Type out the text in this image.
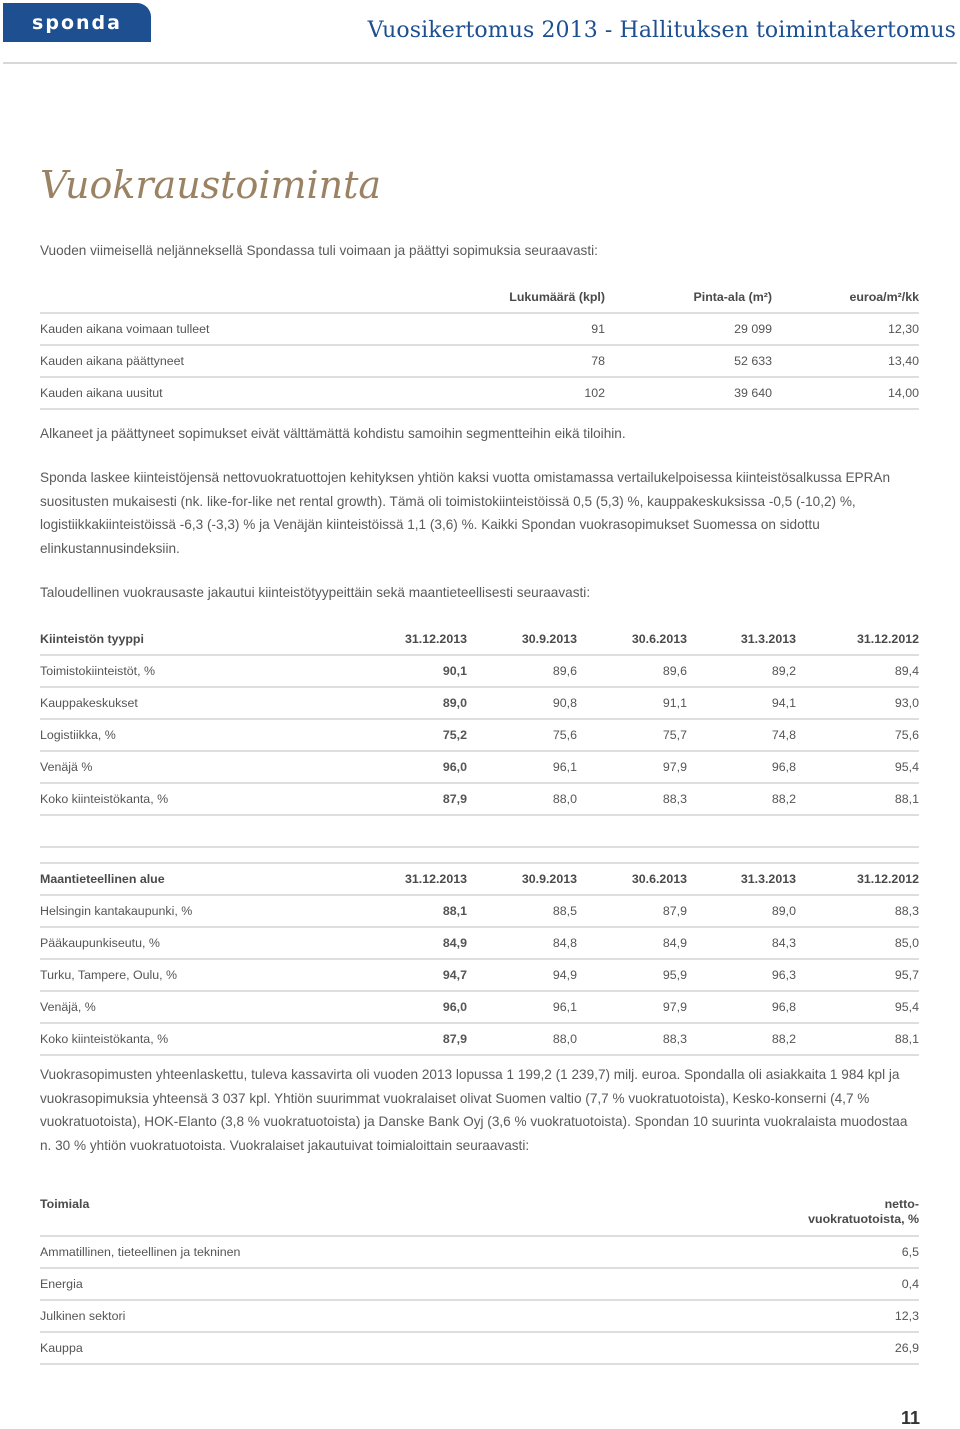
sponda	Vuosikertomus 2013 - Hallituksen toimintakertomus
Vuokraustoiminta

Vuoden viimeisellä neljänneksellä Spondassa tuli voimaan ja päättyi sopimuksia seuraavasti:

	Lukumäärä (kpl)	Pinta-ala (m²)	euroa/m²/kk
Kauden aikana voimaan tulleet	91	29 099	12,30
Kauden aikana päättyneet	78	52 633	13,40
Kauden aikana uusitut	102	39 640	14,00

Alkaneet ja päättyneet sopimukset eivät välttämättä kohdistu samoihin segmentteihin eikä tiloihin.

Sponda laskee kiinteistöjensä nettovuokratuottojen kehityksen yhtiön kaksi vuotta omistamassa vertailukelpoisessa kiinteistösalkussa EPRAn suositusten mukaisesti (nk. like-for-like net rental growth). Tämä oli toimistokiinteistöissä 0,5 (5,3) %, kauppakeskuksissa -0,5 (-10,2) %, logistiikkakiinteistöissä -6,3 (-3,3) % ja Venäjän kiinteistöissä 1,1 (3,6) %. Kaikki Spondan vuokrasopimukset Suomessa on sidottu elinkustannusindeksiin.

Taloudellinen vuokrausaste jakautui kiinteistötyypeittäin sekä maantieteellisesti seuraavasti:

Kiinteistön tyyppi	31.12.2013	30.9.2013	30.6.2013	31.3.2013	31.12.2012
Toimistokiinteistöt, %	90,1	89,6	89,6	89,2	89,4
Kauppakeskukset	89,0	90,8	91,1	94,1	93,0
Logistiikka, %	75,2	75,6	75,7	74,8	75,6
Venäjä %	96,0	96,1	97,9	96,8	95,4
Koko kiinteistökanta, %	87,9	88,0	88,3	88,2	88,1

Maantieteellinen alue	31.12.2013	30.9.2013	30.6.2013	31.3.2013	31.12.2012
Helsingin kantakaupunki, %	88,1	88,5	87,9	89,0	88,3
Pääkaupunkiseutu, %	84,9	84,8	84,9	84,3	85,0
Turku, Tampere, Oulu, %	94,7	94,9	95,9	96,3	95,7
Venäjä, %	96,0	96,1	97,9	96,8	95,4
Koko kiinteistökanta, %	87,9	88,0	88,3	88,2	88,1

Vuokrasopimusten yhteenlaskettu, tuleva kassavirta oli vuoden 2013 lopussa 1 199,2 (1 239,7) milj. euroa. Spondalla oli asiakkaita 1 984 kpl ja vuokrasopimuksia yhteensä 3 037 kpl. Yhtiön suurimmat vuokralaiset olivat Suomen valtio (7,7 % vuokratuotoista), Kesko-konserni (4,7 % vuokratuotoista), HOK-Elanto (3,8 % vuokratuotoista) ja Danske Bank Oyj (3,6 % vuokratuotoista). Spondan 10 suurinta vuokralaista muodostaa n. 30 % yhtiön vuokratuotoista. Vuokralaiset jakautuivat toimialoittain seuraavasti:

Toimiala	netto-
vuokratuotoista, %

Ammatillinen, tieteellinen ja tekninen	6,5
Energia	0,4
Julkinen sektori	12,3
Kauppa	26,9
11
